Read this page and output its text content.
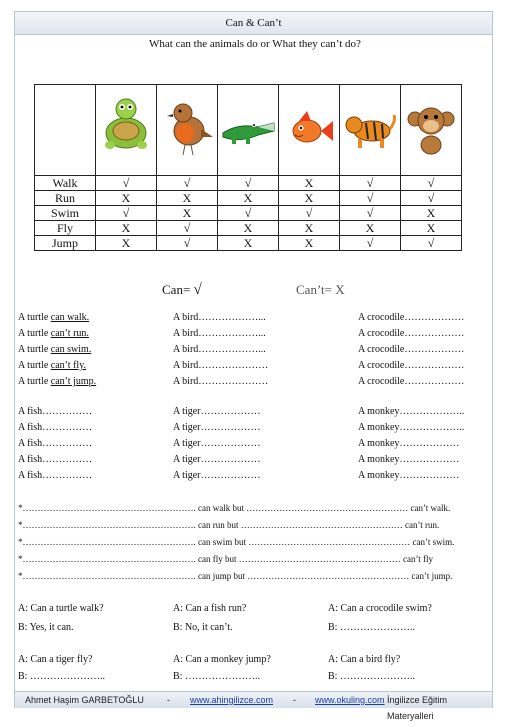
Can & Can’t
What can the animals do or What they can’t do?

Walk	√	√	√	X	√	√
Run	X	X	X	X	√	√
Swim	√	X	√	√	√	X
Fly	X	√	X	X	X	X
Jump	X	√	X	X	√	√
Can= √	Can’t= X
A turtle can walk.
A turtle can’t run.
A turtle can swim.
A turtle can’t fly.
A turtle can’t jump.
A bird………………...
A bird………………...
A bird………………...
A bird…………………
A bird…………………
A crocodile………………
A crocodile………………
A crocodile………………
A crocodile………………
A crocodile………………
A fish……………
A fish……………
A fish……………
A fish……………
A fish……………
A tiger………………
A tiger………………
A tiger………………
A tiger………………
A tiger………………
A monkey………………..
A monkey………………..
A monkey………………
A monkey………………
A monkey………………
*…………………………………………………. can walk but ……………………………………………… can’t walk.
*…………………………………………………. can run but ……………………………………………… can’t run.
*…………………………………………………. can swim but ……………………………………………… can’t swim.
*…………………………………………………. can fly but ……………………………………………… can’t fly
*…………………………………………………. can jump but ……………………………………………… can’t jump.
A: Can a turtle walk?
B: Yes, it can.
A: Can a fish run?
B: No, it can’t.
A: Can a crocodile swim?
B: …………………..
A: Can a tiger fly?
B: …………………..
A: Can a monkey jump?
B: …………………..
A: Can a bird fly?
B: …………………..
Ahmet Haşim GARBETOĞLU	- www.ahingilizce.com - www.okuling.com İngilizce Eğitim Materyalleri
